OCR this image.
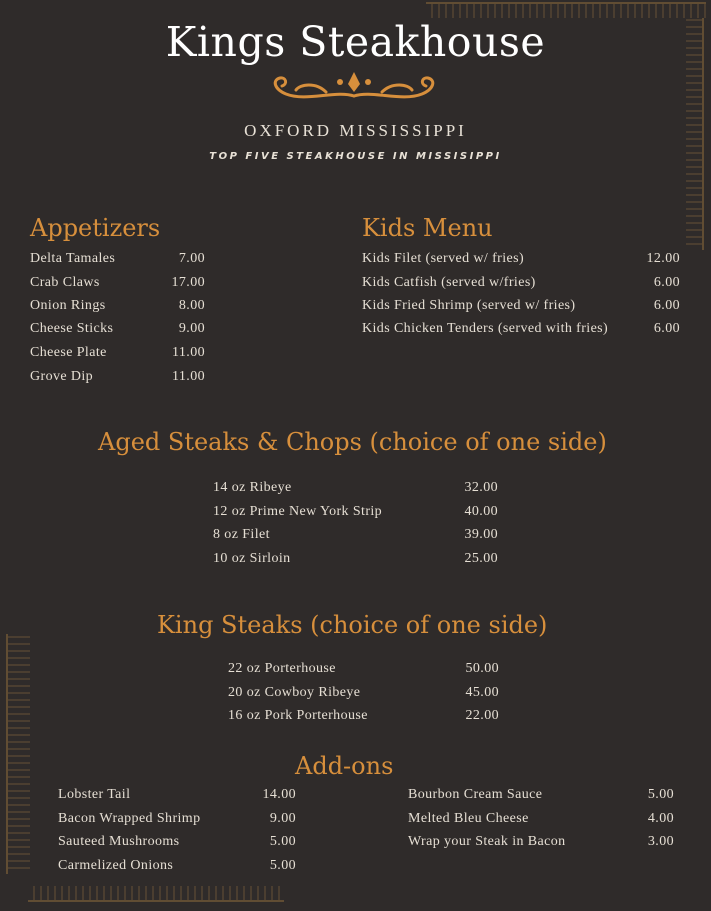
Kings Steakhouse
OXFORD MISSISSIPPI
TOP FIVE STEAKHOUSE IN MISSISIPPI
Appetizers
Delta Tamales	7.00
Crab Claws	17.00
Onion Rings	8.00
Cheese Sticks	9.00
Cheese Plate	11.00
Grove Dip	11.00
Kids Menu
Kids Filet (served w/ fries)	12.00
Kids Catfish (served w/fries)	6.00
Kids Fried Shrimp (served w/ fries)	6.00
Kids Chicken Tenders (served with fries)	6.00
Aged Steaks & Chops (choice of one side)
14 oz Ribeye	32.00
12 oz Prime New York Strip	40.00
8 oz Filet	39.00
10 oz Sirloin	25.00
King Steaks (choice of one side)
22 oz Porterhouse	50.00
20 oz Cowboy Ribeye	45.00
16 oz Pork Porterhouse	22.00
Add-ons
Lobster Tail	14.00
Bacon Wrapped Shrimp	9.00
Sauteed Mushrooms	5.00
Carmelized Onions	5.00
Bourbon Cream Sauce	5.00
Melted Bleu Cheese	4.00
Wrap your Steak in Bacon	3.00
